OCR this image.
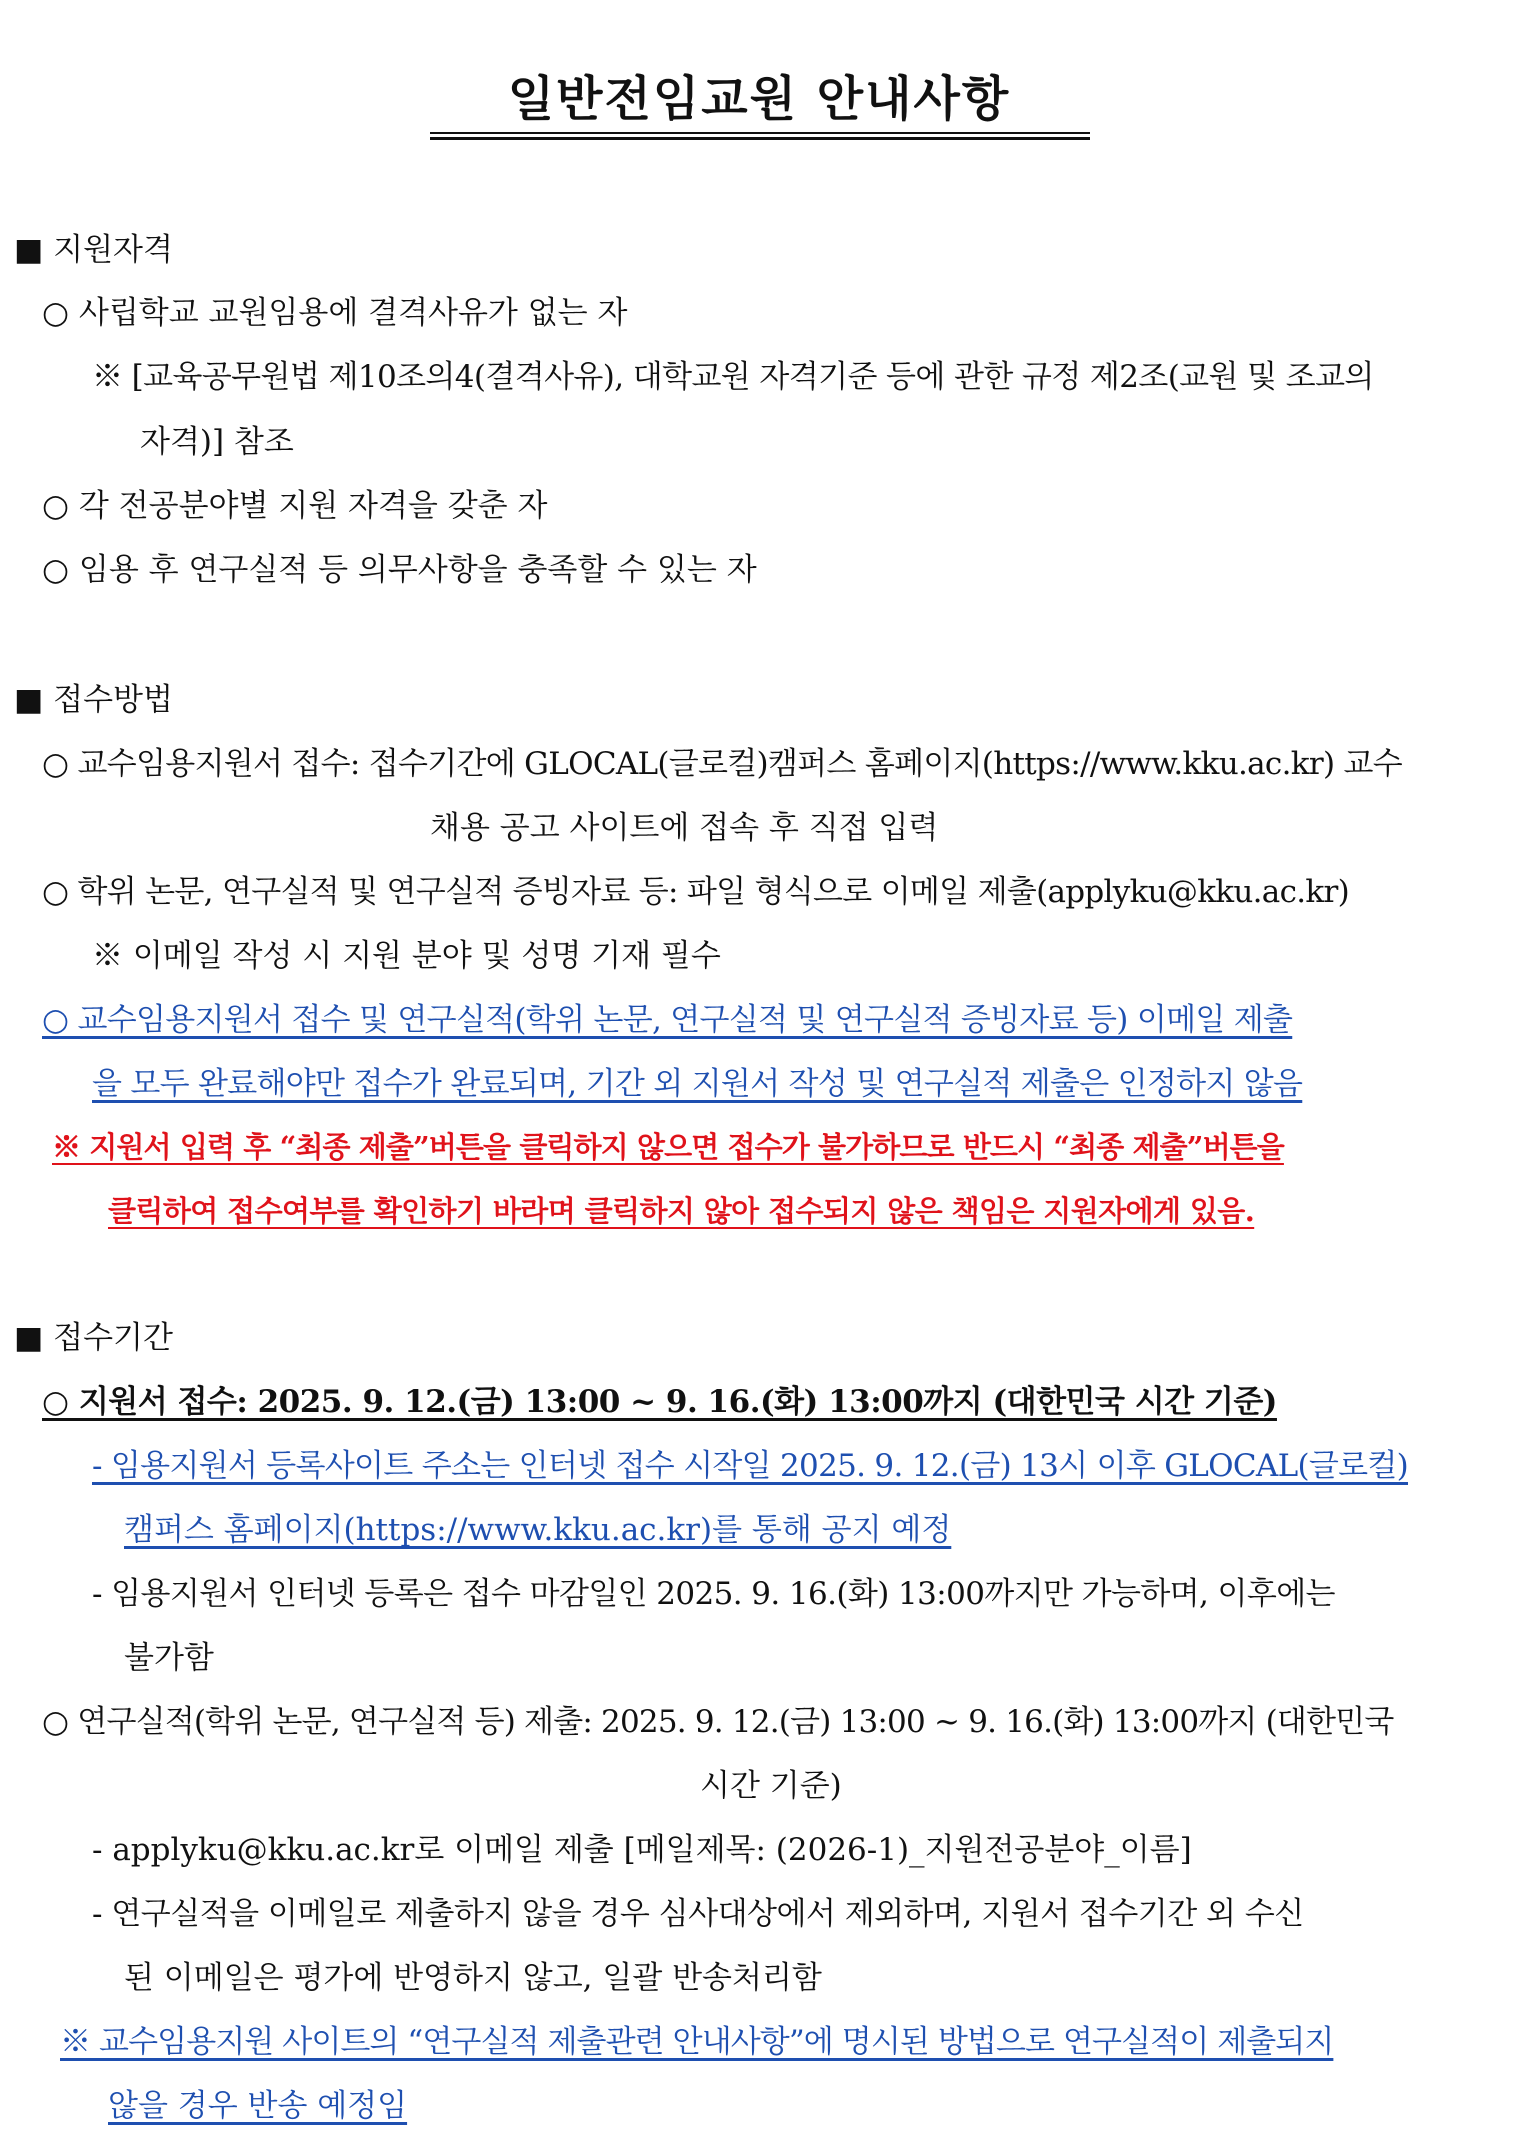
일반전임교원 안내사항
■ 지원자격
○ 사립학교 교원임용에 결격사유가 없는 자
※ [교육공무원법 제10조의4(결격사유), 대학교원 자격기준 등에 관한 규정 제2조(교원 및 조교의
자격)] 참조
○ 각 전공분야별 지원 자격을 갖춘 자
○ 임용 후 연구실적 등 의무사항을 충족할 수 있는 자
■ 접수방법
○ 교수임용지원서 접수: 접수기간에 GLOCAL(글로컬)캠퍼스 홈페이지(https://www.kku.ac.kr) 교수
채용 공고 사이트에 접속 후 직접 입력
○ 학위 논문, 연구실적 및 연구실적 증빙자료 등: 파일 형식으로 이메일 제출(applyku@kku.ac.kr)
※ 이메일 작성 시 지원 분야 및 성명 기재 필수
○ 교수임용지원서 접수 및 연구실적(학위 논문, 연구실적 및 연구실적 증빙자료 등) 이메일 제출
을 모두 완료해야만 접수가 완료되며, 기간 외 지원서 작성 및 연구실적 제출은 인정하지 않음
※ 지원서 입력 후 “최종 제출”버튼을 클릭하지 않으면 접수가 불가하므로 반드시 “최종 제출”버튼을
클릭하여 접수여부를 확인하기 바라며 클릭하지 않아 접수되지 않은 책임은 지원자에게 있음.
■ 접수기간
○ 지원서 접수: 2025. 9. 12.(금) 13:00 ~ 9. 16.(화) 13:00까지 (대한민국 시간 기준)
- 임용지원서 등록사이트 주소는 인터넷 접수 시작일 2025. 9. 12.(금) 13시 이후 GLOCAL(글로컬)
캠퍼스 홈페이지(https://www.kku.ac.kr)를 통해 공지 예정
- 임용지원서 인터넷 등록은 접수 마감일인 2025. 9. 16.(화) 13:00까지만 가능하며, 이후에는
불가함
○ 연구실적(학위 논문, 연구실적 등) 제출: 2025. 9. 12.(금) 13:00 ~ 9. 16.(화) 13:00까지 (대한민국
시간 기준)
- applyku@kku.ac.kr로 이메일 제출 [메일제목: (2026-1)_지원전공분야_이름]
- 연구실적을 이메일로 제출하지 않을 경우 심사대상에서 제외하며, 지원서 접수기간 외 수신
된 이메일은 평가에 반영하지 않고, 일괄 반송처리함
※ 교수임용지원 사이트의 “연구실적 제출관련 안내사항”에 명시된 방법으로 연구실적이 제출되지
않을 경우 반송 예정임
